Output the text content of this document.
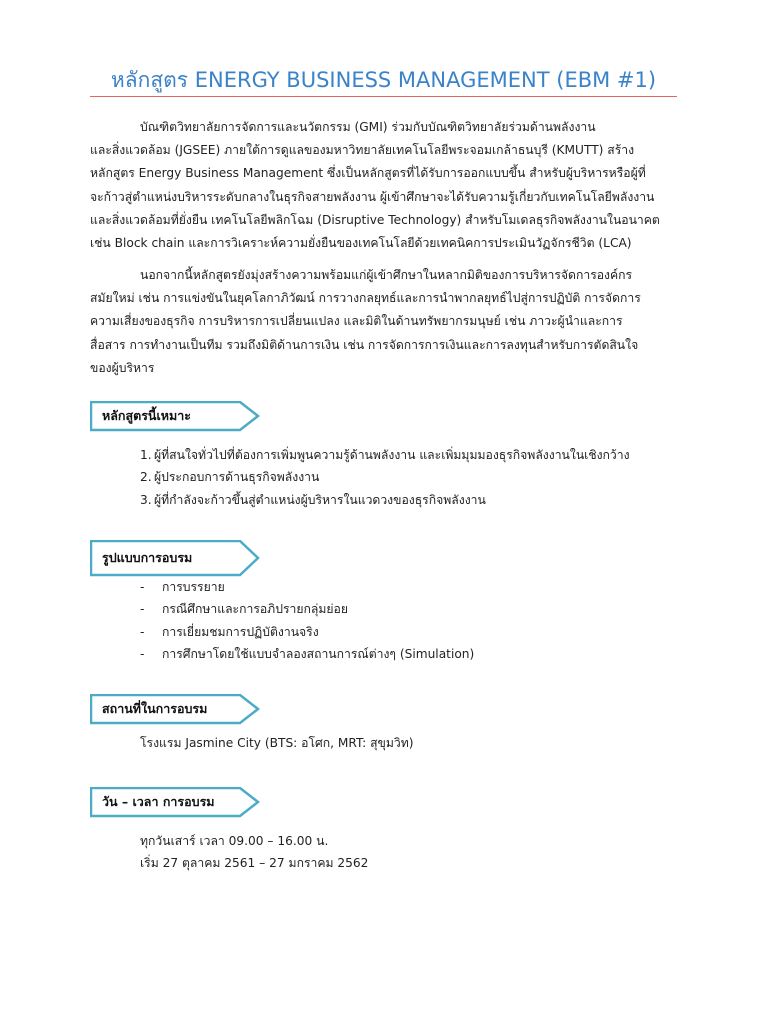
หลักสูตร ENERGY BUSINESS MANAGEMENT (EBM #1)

บัณฑิตวิทยาลัยการจัดการและนวัตกรรม (GMI) ร่วมกับบัณฑิตวิทยาลัยร่วมด้านพลังงาน

และสิ่งแวดล้อม (JGSEE) ภายใต้การดูแลของมหาวิทยาลัยเทคโนโลยีพระจอมเกล้าธนบุรี (KMUTT) สร้าง

หลักสูตร Energy Business Management ซึ่งเป็นหลักสูตรที่ได้รับการออกแบบขึ้น สำหรับผู้บริหารหรือผู้ที่

จะก้าวสู่ตำแหน่งบริหารระดับกลางในธุรกิจสายพลังงาน ผู้เข้าศึกษาจะได้รับความรู้เกี่ยวกับเทคโนโลยีพลังงาน

และสิ่งแวดล้อมที่ยั่งยืน เทคโนโลยีพลิกโฉม (Disruptive Technology) สำหรับโมเดลธุรกิจพลังงานในอนาคต

เช่น Block chain และการวิเคราะห์ความยั่งยืนของเทคโนโลยีด้วยเทคนิคการประเมินวัฏจักรชีวิต (LCA)

นอกจากนี้หลักสูตรยังมุ่งสร้างความพร้อมแก่ผู้เข้าศึกษาในหลากมิติของการบริหารจัดการองค์กร

สมัยใหม่ เช่น การแข่งขันในยุคโลกาภิวัฒน์ การวางกลยุทธ์และการนำพากลยุทธ์ไปสู่การปฏิบัติ การจัดการ

ความเสี่ยงของธุรกิจ การบริหารการเปลี่ยนแปลง และมิติในด้านทรัพยากรมนุษย์ เช่น ภาวะผู้นำและการ

สื่อสาร การทำงานเป็นทีม รวมถึงมิติด้านการเงิน เช่น การจัดการการเงินและการลงทุนสำหรับการตัดสินใจ

ของผู้บริหาร

หลักสูตรนี้เหมาะ
1. ผู้ที่สนใจทั่วไปที่ต้องการเพิ่มพูนความรู้ด้านพลังงาน และเพิ่มมุมมองธุรกิจพลังงานในเชิงกว้าง
2. ผู้ประกอบการด้านธุรกิจพลังงาน
3. ผู้ที่กำลังจะก้าวขึ้นสู่ตำแหน่งผู้บริหารในแวดวงของธุรกิจพลังงาน
รูปแบบการอบรม
-	การบรรยาย
-	กรณีศึกษาและการอภิปรายกลุ่มย่อย
-	การเยี่ยมชมการปฏิบัติงานจริง
-	การศึกษาโดยใช้แบบจำลองสถานการณ์ต่างๆ (Simulation)
สถานที่ในการอบรม

โรงแรม Jasmine City (BTS: อโศก, MRT: สุขุมวิท)

วัน – เวลา การอบรม

ทุกวันเสาร์ เวลา 09.00 – 16.00 น.

เริ่ม 27 ตุลาคม 2561 – 27 มกราคม 2562
